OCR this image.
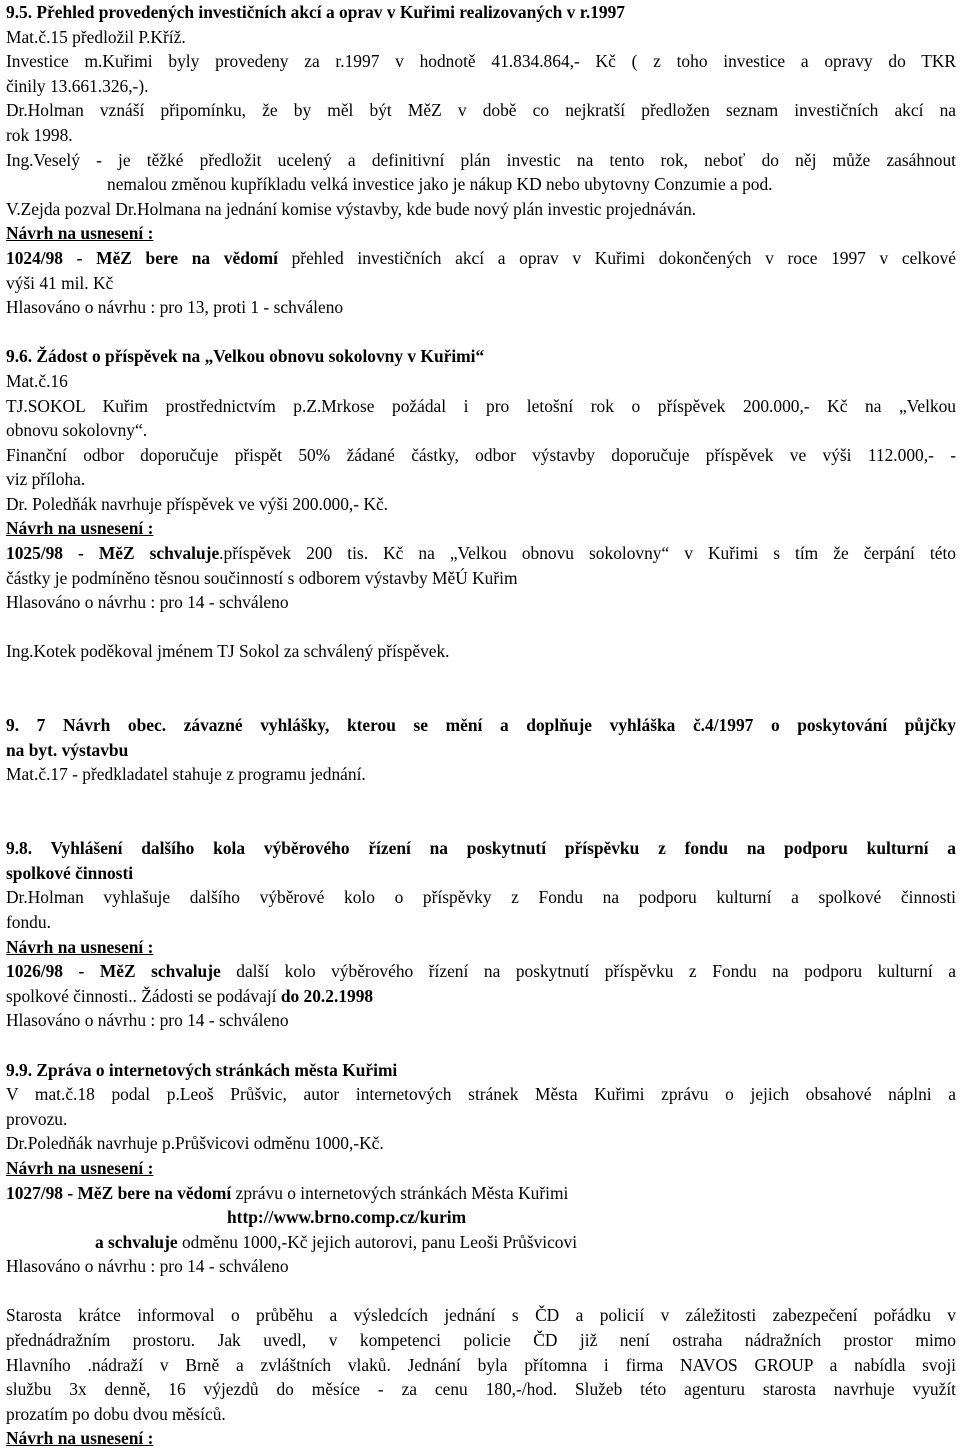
9.5. Přehled provedených investičních akcí a oprav v Kuřimi realizovaných v r.1997
Mat.č.15 předložil P.Kříž.
Investice m.Kuřimi byly provedeny za r.1997 v hodnotě 41.834.864,- Kč ( z toho investice a opravy do TKR
činily 13.661.326,-).
Dr.Holman vznáší připomínku, že by měl být MěZ v době co nejkratší předložen seznam investičních akcí na
rok 1998.
Ing.Veselý - je těžké předložit ucelený a definitivní plán investic na tento rok, neboť do něj může zasáhnout
nemalou změnou kupříkladu velká investice jako je nákup KD nebo ubytovny Conzumie a pod.
V.Zejda pozval Dr.Holmana na jednání komise výstavby, kde bude nový plán investic projednáván.
Návrh na usnesení :
1024/98 - MěZ bere na vědomí přehled investičních akcí a oprav v Kuřimi dokončených v roce 1997 v celkové
výši 41 mil. Kč
Hlasováno o návrhu : pro 13, proti 1 - schváleno
9.6. Žádost o příspěvek na „Velkou obnovu sokolovny v Kuřimi“
Mat.č.16
TJ.SOKOL Kuřim prostřednictvím p.Z.Mrkose požádal i pro letošní rok o příspěvek 200.000,- Kč na „Velkou
obnovu sokolovny“.
Finanční odbor doporučuje přispět 50% žádané částky, odbor výstavby doporučuje příspěvek ve výši 112.000,- -
viz příloha.
Dr. Poledňák navrhuje příspěvek ve výši 200.000,- Kč.
Návrh na usnesení :
1025/98 - MěZ schvaluje.příspěvek 200 tis. Kč na „Velkou obnovu sokolovny“ v Kuřimi s tím že čerpání této
částky je podmíněno těsnou součinností s odborem výstavby MěÚ Kuřim
Hlasováno o návrhu : pro 14 - schváleno
Ing.Kotek poděkoval jménem TJ Sokol za schválený příspěvek.
9. 7 Návrh obec. závazné vyhlášky, kterou se mění a doplňuje vyhláška č.4/1997 o poskytování půjčky
na byt. výstavbu
Mat.č.17 - předkladatel stahuje z programu jednání.
9.8. Vyhlášení dalšího kola výběrového řízení na poskytnutí příspěvku z fondu na podporu kulturní a
spolkové činnosti
Dr.Holman vyhlašuje dalšího výběrové kolo o příspěvky z Fondu na podporu kulturní a spolkové činnosti
fondu.
Návrh na usnesení :
1026/98 - MěZ schvaluje další kolo výběrového řízení na poskytnutí příspěvku z Fondu na podporu kulturní a
spolkové činnosti.. Žádosti se podávají do 20.2.1998
Hlasováno o návrhu : pro 14 - schváleno
9.9. Zpráva o internetových stránkách města Kuřimi
V mat.č.18 podal p.Leoš Průšvic, autor internetových stránek Města Kuřimi zprávu o jejich obsahové náplni a
provozu.
Dr.Poledňák navrhuje p.Průšvicovi odměnu 1000,-Kč.
Návrh na usnesení :
1027/98 - MěZ bere na vědomí zprávu o internetových stránkách Města Kuřimi
http://www.brno.comp.cz/kurim
a schvaluje odměnu 1000,-Kč jejich autorovi, panu Leoši Průšvicovi
Hlasováno o návrhu : pro 14 - schváleno
Starosta krátce informoval o průběhu a výsledcích jednání s ČD a policií v záležitosti zabezpečení pořádku v
přednádražním prostoru. Jak uvedl, v kompetenci policie ČD již není ostraha nádražních prostor mimo
Hlavního .nádraží v Brně a zvláštních vlaků. Jednání byla přítomna i firma NAVOS GROUP a nabídla svoji
službu 3x denně, 16 výjezdů do měsíce - za cenu 180,-/hod. Služeb této agenturu starosta navrhuje využít
prozatím po dobu dvou měsíců.
Návrh na usnesení :
